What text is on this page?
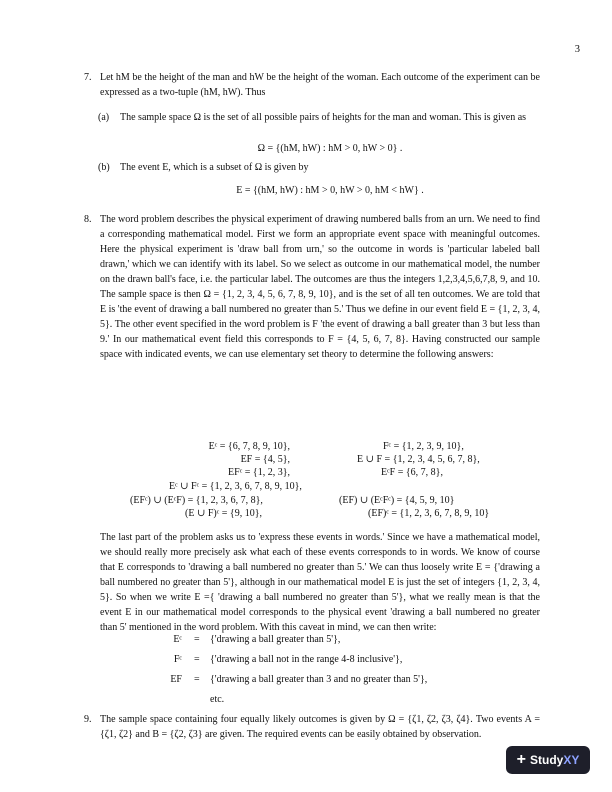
3

7. Let hM be the height of the man and hW be the height of the woman. Each outcome of the experiment can be expressed as a two-tuple (hM, hW). Thus

(a) The sample space Ω is the set of all possible pairs of heights for the man and woman. This is given as

Ω = {(hM, hW) : hM > 0, hW > 0} .

(b) The event E, which is a subset of Ω is given by

E = {(hM, hW) : hM > 0, hW > 0, hM < hW} .

8. The word problem describes the physical experiment of drawing numbered balls from an urn. We need to find a corresponding mathematical model. First we form an appropriate event space with meaningful outcomes. Here the physical experiment is 'draw ball from urn,' so the outcome in words is 'particular labeled ball drawn,' which we can identify with its label. So we select as outcome in our mathematical model, the number on the drawn ball's face, i.e. the particular label. The outcomes are thus the integers 1,2,3,4,5,6,7,8, 9, and 10. The sample space is then Ω = {1, 2, 3, 4, 5, 6, 7, 8, 9, 10}, and is the set of all ten outcomes. We are told that E is 'the event of drawing a ball numbered no greater than 5.' Thus we define in our event field E = {1, 2, 3, 4, 5}. The other event specified in the word problem is F 'the event of drawing a ball greater than 3 but less than 9.' In our mathematical event field this corresponds to F = {4, 5, 6, 7, 8}. Having constructed our sample space with indicated events, we can use elementary set theory to determine the following answers:

Eᶜ = {6, 7, 8, 9, 10},	Fᶜ = {1, 2, 3, 9, 10},
EF = {4, 5},	E ∪ F = {1, 2, 3, 4, 5, 6, 7, 8},
EFᶜ = {1, 2, 3},	EᶜF = {6, 7, 8},
Eᶜ ∪ Fᶜ = {1, 2, 3, 6, 7, 8, 9, 10},
(EFᶜ) ∪ (EᶜF) = {1, 2, 3, 6, 7, 8},	(EF) ∪ (EᶜFᶜ) = {4, 5, 9, 10}
(E ∪ F)ᶜ = {9, 10},	(EF)ᶜ = {1, 2, 3, 6, 7, 8, 9, 10}

The last part of the problem asks us to 'express these events in words.' Since we have a mathematical model, we should really more precisely ask what each of these events corresponds to in words. We know of course that E corresponds to 'drawing a ball numbered no greater than 5.' We can thus loosely write E = {'drawing a ball numbered no greater than 5'}, although in our mathematical model E is just the set of integers {1, 2, 3, 4, 5}. So when we write E ={ 'drawing a ball numbered no greater than 5'}, what we really mean is that the event E in our mathematical model corresponds to the physical event 'drawing a ball numbered no greater than 5' mentioned in the word problem. With this caveat in mind, we can then write:

Eᶜ = {'drawing a ball greater than 5'},
Fᶜ = {'drawing a ball not in the range 4-8 inclusive'},
EF = {'drawing a ball greater than 3 and no greater than 5'},
etc.

9. The sample space containing four equally likely outcomes is given by Ω = {ζ1, ζ2, ζ3, ζ4}. Two events A = {ζ1, ζ2} and B = {ζ2, ζ3} are given. The required events can be easily obtained by observation.

+ StudyXY
